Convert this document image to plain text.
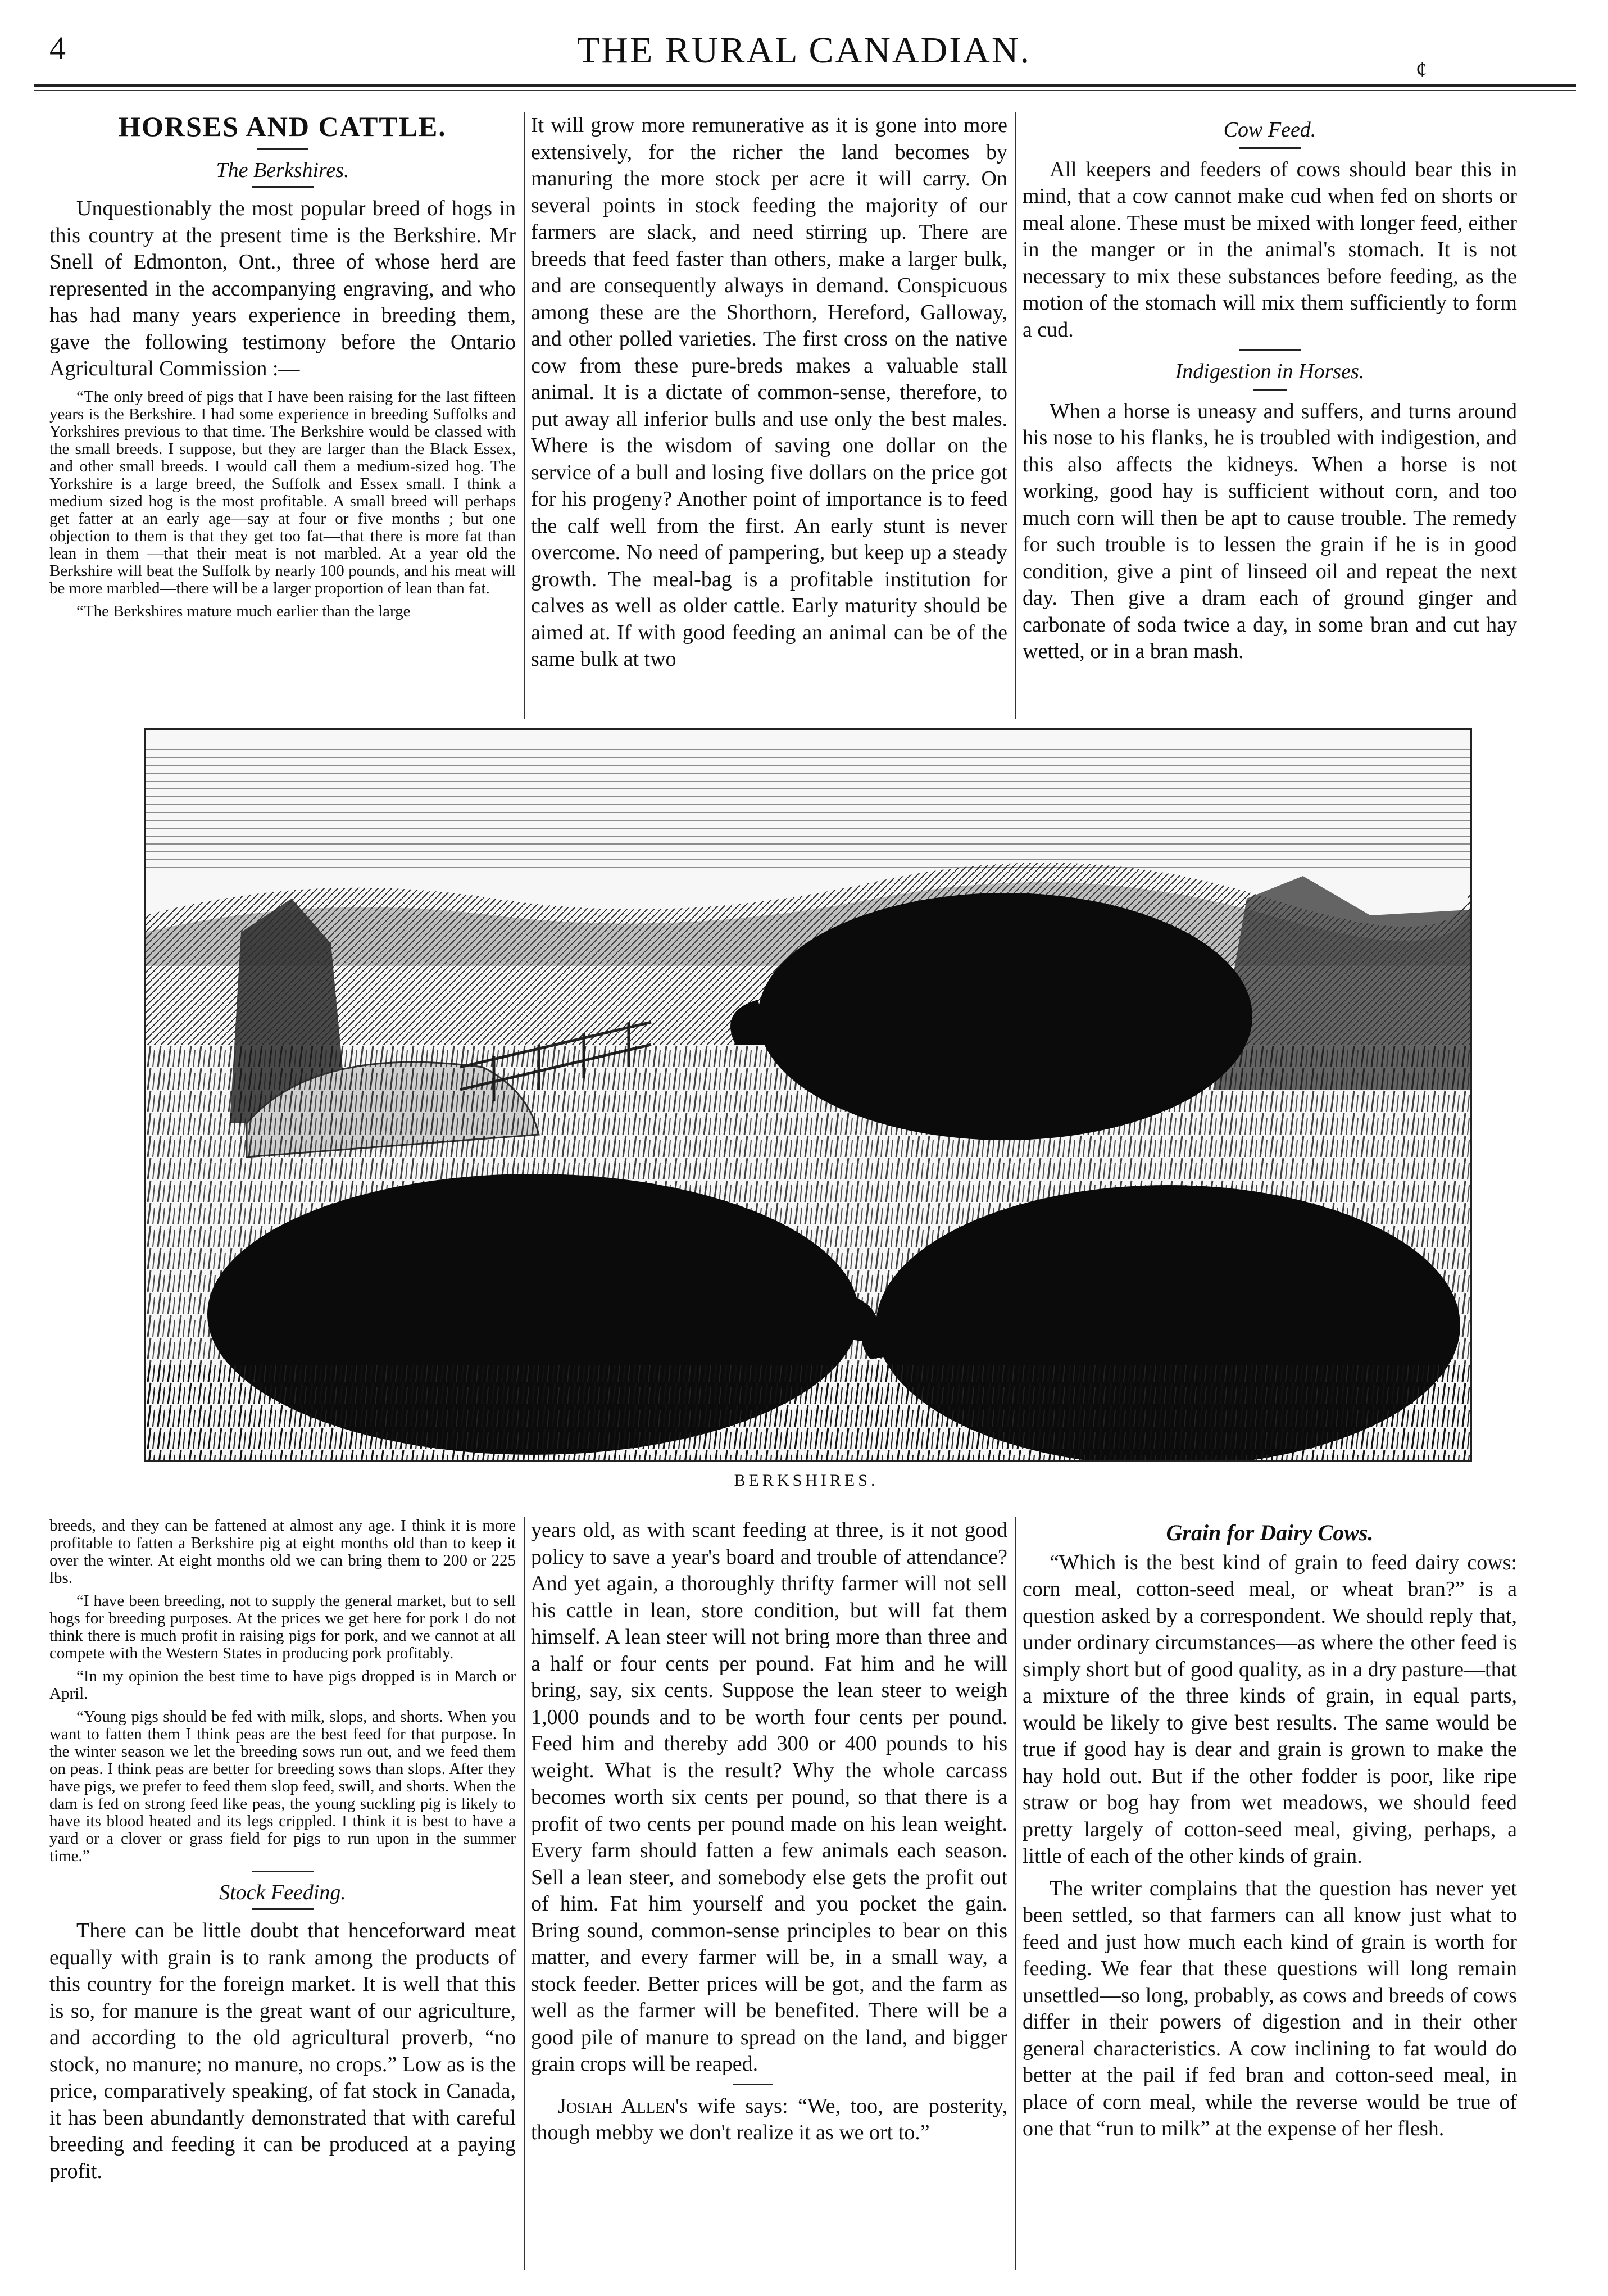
4	THE RURAL CANADIAN.	¢
HORSES AND CATTLE.
The Berkshires.

Unquestionably the most popular breed of hogs in this country at the present time is the Berkshire. Mr Snell of Edmonton, Ont., three of whose herd are represented in the accompanying engraving, and who has had many years experience in breeding them, gave the following testimony before the Ontario Agricultural Commission :—

“The only breed of pigs that I have been raising for the last fifteen years is the Berkshire. I had some experience in breeding Suffolks and Yorkshires previous to that time. The Berkshire would be classed with the small breeds. I suppose, but they are larger than the Black Essex, and other small breeds. I would call them a medium-sized hog. The Yorkshire is a large breed, the Suffolk and Essex small. I think a medium sized hog is the most profitable. A small breed will perhaps get fatter at an early age—say at four or five months ; but one objection to them is that they get too fat—that there is more fat than lean in them —that their meat is not marbled. At a year old the Berkshire will beat the Suffolk by nearly 100 pounds, and his meat will be more marbled—there will be a larger proportion of lean than fat.

“The Berkshires mature much earlier than the large

It will grow more remunerative as it is gone into more extensively, for the richer the land becomes by manuring the more stock per acre it will carry. On several points in stock feeding the majority of our farmers are slack, and need stirring up. There are breeds that feed faster than others, make a larger bulk, and are consequently always in demand. Conspicuous among these are the Shorthorn, Hereford, Galloway, and other polled varieties. The first cross on the native cow from these pure-breds makes a valuable stall animal. It is a dictate of common-sense, therefore, to put away all inferior bulls and use only the best males. Where is the wisdom of saving one dollar on the service of a bull and losing five dollars on the price got for his progeny? Another point of importance is to feed the calf well from the first. An early stunt is never overcome. No need of pampering, but keep up a steady growth. The meal-bag is a profitable institution for calves as well as older cattle. Early maturity should be aimed at. If with good feeding an animal can be of the same bulk at two

Cow Feed.

All keepers and feeders of cows should bear this in mind, that a cow cannot make cud when fed on shorts or meal alone. These must be mixed with longer feed, either in the manger or in the animal's stomach. It is not necessary to mix these substances before feeding, as the motion of the stomach will mix them sufficiently to form a cud.

Indigestion in Horses.

When a horse is uneasy and suffers, and turns around his nose to his flanks, he is troubled with indigestion, and this also affects the kidneys. When a horse is not working, good hay is sufficient without corn, and too much corn will then be apt to cause trouble. The remedy for such trouble is to lessen the grain if he is in good condition, give a pint of linseed oil and repeat the next day. Then give a dram each of ground ginger and carbonate of soda twice a day, in some bran and cut hay wetted, or in a bran mash.

BERKSHIRES.

breeds, and they can be fattened at almost any age. I think it is more profitable to fatten a Berkshire pig at eight months old than to keep it over the winter. At eight months old we can bring them to 200 or 225 lbs.

“I have been breeding, not to supply the general market, but to sell hogs for breeding purposes. At the prices we get here for pork I do not think there is much profit in raising pigs for pork, and we cannot at all compete with the Western States in producing pork profitably.

“In my opinion the best time to have pigs dropped is in March or April.

“Young pigs should be fed with milk, slops, and shorts. When you want to fatten them I think peas are the best feed for that purpose. In the winter season we let the breeding sows run out, and we feed them on peas. I think peas are better for breeding sows than slops. After they have pigs, we prefer to feed them slop feed, swill, and shorts. When the dam is fed on strong feed like peas, the young suckling pig is likely to have its blood heated and its legs crippled. I think it is best to have a yard or a clover or grass field for pigs to run upon in the summer time.”

Stock Feeding.

There can be little doubt that henceforward meat equally with grain is to rank among the products of this country for the foreign market. It is well that this is so, for manure is the great want of our agriculture, and according to the old agricultural proverb, “no stock, no manure; no manure, no crops.” Low as is the price, comparatively speaking, of fat stock in Canada, it has been abundantly demonstrated that with careful breeding and feeding it can be produced at a paying profit.

years old, as with scant feeding at three, is it not good policy to save a year's board and trouble of attendance? And yet again, a thoroughly thrifty farmer will not sell his cattle in lean, store condition, but will fat them himself. A lean steer will not bring more than three and a half or four cents per pound. Fat him and he will bring, say, six cents. Suppose the lean steer to weigh 1,000 pounds and to be worth four cents per pound. Feed him and thereby add 300 or 400 pounds to his weight. What is the result? Why the whole carcass becomes worth six cents per pound, so that there is a profit of two cents per pound made on his lean weight. Every farm should fatten a few animals each season. Sell a lean steer, and somebody else gets the profit out of him. Fat him yourself and you pocket the gain. Bring sound, common-sense principles to bear on this matter, and every farmer will be, in a small way, a stock feeder. Better prices will be got, and the farm as well as the farmer will be benefited. There will be a good pile of manure to spread on the land, and bigger grain crops will be reaped.

Josiah Allen's wife says: “We, too, are posterity, though mebby we don't realize it as we ort to.”

Grain for Dairy Cows.

“Which is the best kind of grain to feed dairy cows: corn meal, cotton-seed meal, or wheat bran?” is a question asked by a correspondent. We should reply that, under ordinary circumstances—as where the other feed is simply short but of good quality, as in a dry pasture—that a mixture of the three kinds of grain, in equal parts, would be likely to give best results. The same would be true if good hay is dear and grain is grown to make the hay hold out. But if the other fodder is poor, like ripe straw or bog hay from wet meadows, we should feed pretty largely of cotton-seed meal, giving, perhaps, a little of each of the other kinds of grain.

The writer complains that the question has never yet been settled, so that farmers can all know just what to feed and just how much each kind of grain is worth for feeding. We fear that these questions will long remain unsettled—so long, probably, as cows and breeds of cows differ in their powers of digestion and in their other general characteristics. A cow inclining to fat would do better at the pail if fed bran and cotton-seed meal, in place of corn meal, while the reverse would be true of one that “run to milk” at the expense of her flesh.
